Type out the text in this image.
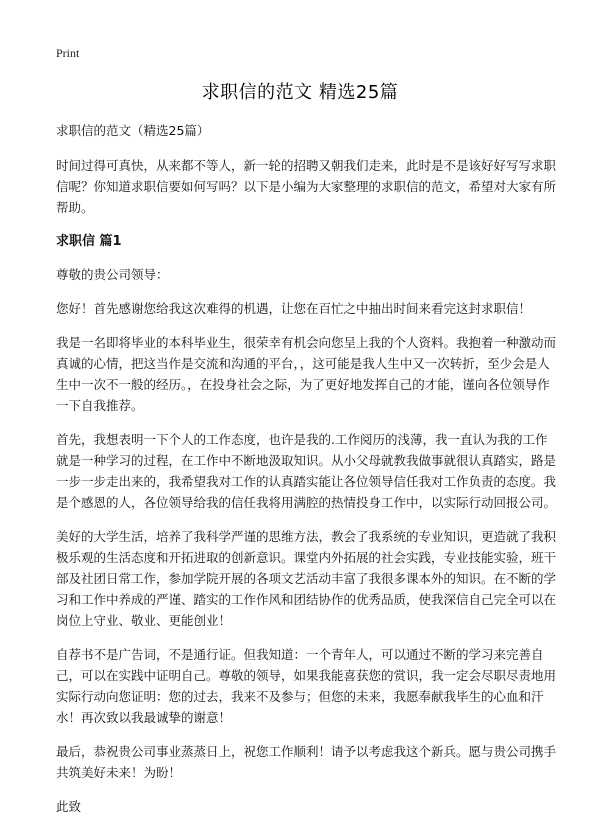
Print
求职信的范文 精选25篇

求职信的范文（精选25篇）

时间过得可真快，从来都不等人，新一轮的招聘又朝我们走来，此时是不是该好好写写求职信呢？你知道求职信要如何写吗？以下是小编为大家整理的求职信的范文，希望对大家有所帮助。

求职信 篇1

尊敬的贵公司领导：

您好！首先感谢您给我这次难得的机遇，让您在百忙之中抽出时间来看完这封求职信！

我是一名即将毕业的本科毕业生，很荣幸有机会向您呈上我的个人资料。我抱着一种激动而真诚的心情，把这当作是交流和沟通的平台，，这可能是我人生中又一次转折，至少会是人生中一次不一般的经历。，在投身社会之际，为了更好地发挥自己的才能，谨向各位领导作一下自我推荐。

首先，我想表明一下个人的工作态度，也许是我的.工作阅历的浅薄，我一直认为我的工作就是一种学习的过程，在工作中不断地汲取知识。从小父母就教我做事就很认真踏实，路是一步一步走出来的，我希望我对工作的认真踏实能让各位领导信任我对工作负责的态度。我是个感恩的人，各位领导给我的信任我将用满腔的热情投身工作中，以实际行动回报公司。

美好的大学生活，培养了我科学严谨的思维方法，教会了我系统的专业知识，更造就了我积极乐观的生活态度和开拓进取的创新意识。课堂内外拓展的社会实践，专业技能实验，班干部及社团日常工作，参加学院开展的各项文艺活动丰富了我很多课本外的知识。在不断的学习和工作中养成的严谨、踏实的工作作风和团结协作的优秀品质，使我深信自己完全可以在岗位上守业、敬业、更能创业！

自荐书不是广告词，不是通行证。但我知道：一个青年人，可以通过不断的学习来完善自己，可以在实践中证明自己。尊敬的领导，如果我能喜获您的赏识，我一定会尽职尽责地用实际行动向您证明：您的过去，我来不及参与；但您的未来，我愿奉献我毕生的心血和汗水！再次致以我最诚挚的谢意！

最后，恭祝贵公司事业蒸蒸日上，祝您工作顺利！请予以考虑我这个新兵。愿与贵公司携手共筑美好未来！为盼！

此致
